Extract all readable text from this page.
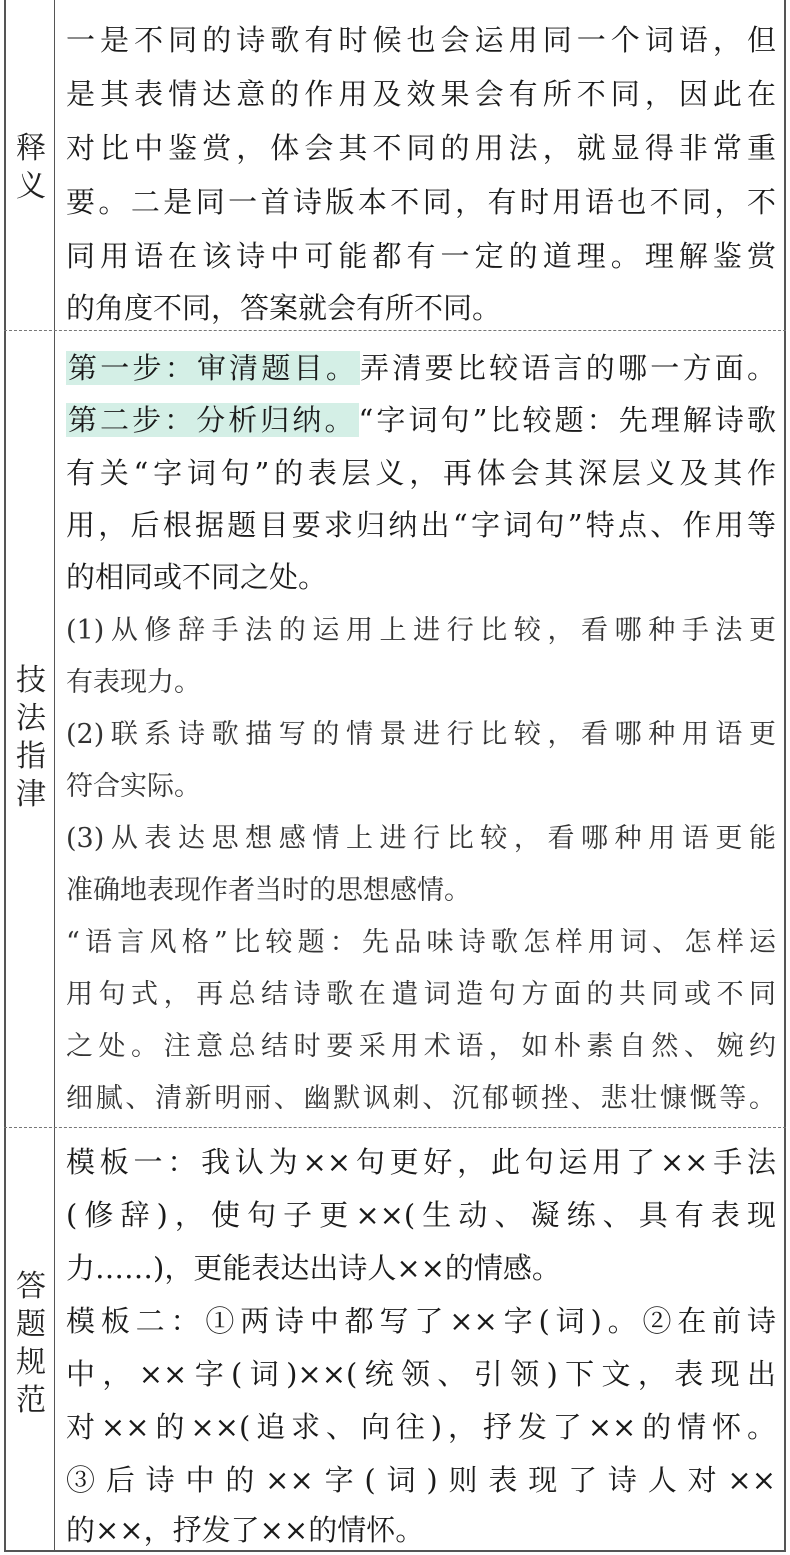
释
义
一是不同的诗歌有时候也会运用同一个词语，但
是其表情达意的作用及效果会有所不同，因此在
对比中鉴赏，体会其不同的用法，就显得非常重
要。二是同一首诗版本不同，有时用语也不同，不
同用语在该诗中可能都有一定的道理。理解鉴赏
的角度不同，答案就会有所不同。
技
法
指
津
第一步：审清题目。弄清要比较语言的哪一方面。
第二步：分析归纳。“字词句”比较题：先理解诗歌
有关“字词句”的表层义，再体会其深层义及其作
用，后根据题目要求归纳出“字词句”特点、作用等
的相同或不同之处。
(1)从修辞手法的运用上进行比较，看哪种手法更
有表现力。
(2)联系诗歌描写的情景进行比较，看哪种用语更
符合实际。
(3)从表达思想感情上进行比较，看哪种用语更能
准确地表现作者当时的思想感情。
“语言风格”比较题：先品味诗歌怎样用词、怎样运
用句式，再总结诗歌在遣词造句方面的共同或不同
之处。注意总结时要采用术语，如朴素自然、婉约
细腻、清新明丽、幽默讽刺、沉郁顿挫、悲壮慷慨等。
答
题
规
范
模板一：我认为××句更好，此句运用了××手法
(修辞)，使句子更××(生动、凝练、具有表现
力……)，更能表达出诗人××的情感。
模板二：①两诗中都写了××字(词)。②在前诗
中，××字(词)××(统领、引领)下文，表现出
对××的××(追求、向往)，抒发了××的情怀。
③后诗中的××字(词)则表现了诗人对××
的××，抒发了××的情怀。
